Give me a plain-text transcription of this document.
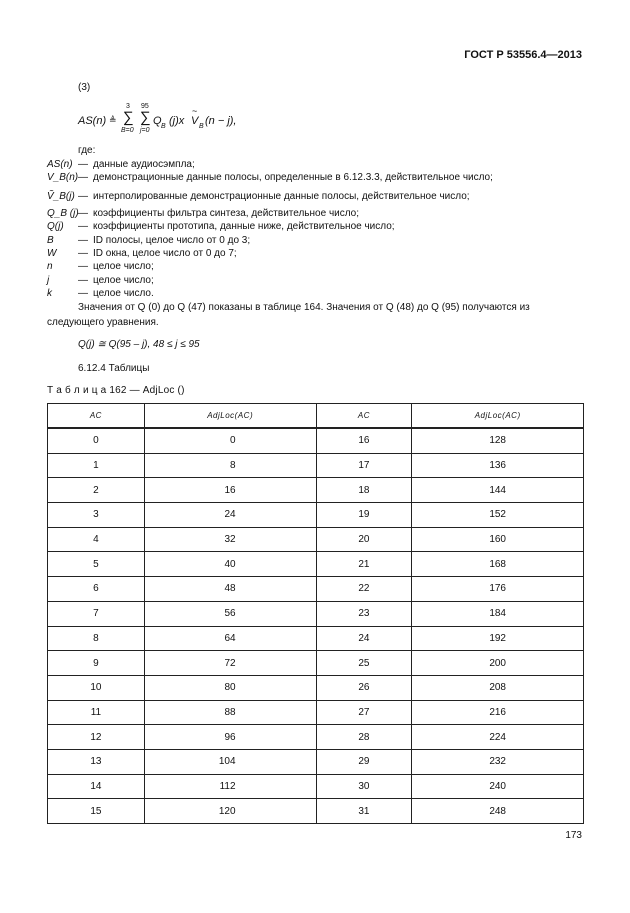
ГОСТ Р 53556.4—2013
(3)
AS(n) ≜
3
∑
B=0
95
∑
j=0
Q B (j)x V
~
B (n − j),
где:
AS(n) — данные аудиосэмпла;
V_B(n) — демонстрационные данные полосы, определенные в 6.12.3.3, действительное число;
Ṽ_B(j) — интерполированные демонстрационные данные полосы, действительное число;
Q_B (j) — коэффициенты фильтра синтеза, действительное число;
Q(j) — коэффициенты прототипа, данные ниже, действительное число;
B — ID полосы, целое число от 0 до 3;
W — ID окна, целое число от 0 до 7;
n	— целое число;
j	— целое число;
k	— целое число.
Значения от Q (0) до Q (47) показаны в таблице 164. Значения от Q (48) до Q (95) получаются из следующего уравнения.
Q(j) ≅ Q(95 – j), 48 ≤ j ≤ 95
6.12.4 Таблицы
Т а б л и ц а 162 — AdjLoc ()
AC	AdjLoc(AC)	AC	AdjLoc(AC)
0	0	16	128
1	8	17	136
2	16	18	144
3	24	19	152
4	32	20	160
5	40	21	168
6	48	22	176
7	56	23	184
8	64	24	192
9	72	25	200
10	80	26	208
11	88	27	216
12	96	28	224
13	104	29	232
14	112	30	240
15	120	31	248
173
